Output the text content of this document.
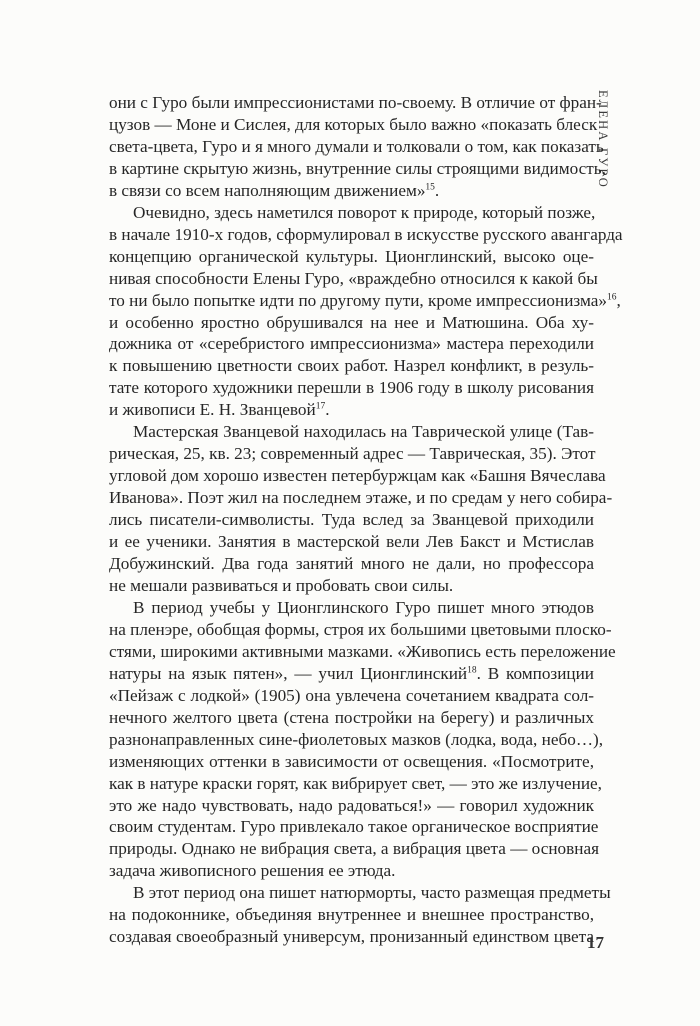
ЕЛЕНА ГУРО
они с Гуро были импрессионистами по-своему. В отличие от фран-
цузов — Моне и Сислея, для которых было важно «показать блеск
света-цвета, Гуро и я много думали и толковали о том, как показать
в картине скрытую жизнь, внутренние силы строящими видимость,
в связи со всем наполняющим движением»$^{15}$.
Очевидно, здесь наметился поворот к природе, который позже,
в начале 1910-х годов, сформулировал в искусстве русского авангарда
концепцию органической культуры. Ционглинский, высоко оце-
нивая способности Елены Гуро, «враждебно относился к какой бы
то ни было попытке идти по другому пути, кроме импрессионизма»$^{16}$,
и особенно яростно обрушивался на нее и Матюшина. Оба ху-
дожника от «серебристого импрессионизма» мастера переходили
к повышению цветности своих работ. Назрел конфликт, в резуль-
тате которого художники перешли в 1906 году в школу рисования
и живописи Е. Н. Званцевой$^{17}$.
Мастерская Званцевой находилась на Таврической улице (Тав-
рическая, 25, кв. 23; современный адрес — Таврическая, 35). Этот
угловой дом хорошо известен петербуржцам как «Башня Вячеслава
Иванова». Поэт жил на последнем этаже, и по средам у него собира-
лись писатели-символисты. Туда вслед за Званцевой приходили
и ее ученики. Занятия в мастерской вели Лев Бакст и Мстислав
Добужинский. Два года занятий много не дали, но профессора
не мешали развиваться и пробовать свои силы.
В период учебы у Ционглинского Гуро пишет много этюдов
на пленэре, обобщая формы, строя их большими цветовыми плоско-
стями, широкими активными мазками. «Живопись есть переложение
натуры на язык пятен», — учил Ционглинский$^{18}$. В композиции
«Пейзаж с лодкой» (1905) она увлечена сочетанием квадрата сол-
нечного желтого цвета (стена постройки на берегу) и различных
разнонаправленных сине-фиолетовых мазков (лодка, вода, небо…),
изменяющих оттенки в зависимости от освещения. «Посмотрите,
как в натуре краски горят, как вибрирует свет, — это же излучение,
это же надо чувствовать, надо радоваться!» — говорил художник
своим студентам. Гуро привлекало такое органическое восприятие
природы. Однако не вибрация света, а вибрация цвета — основная
задача живописного решения ее этюда.
В этот период она пишет натюрморты, часто размещая предметы
на подоконнике, объединяя внутреннее и внешнее пространство,
создавая своеобразный универсум, пронизанный единством цвета
17
